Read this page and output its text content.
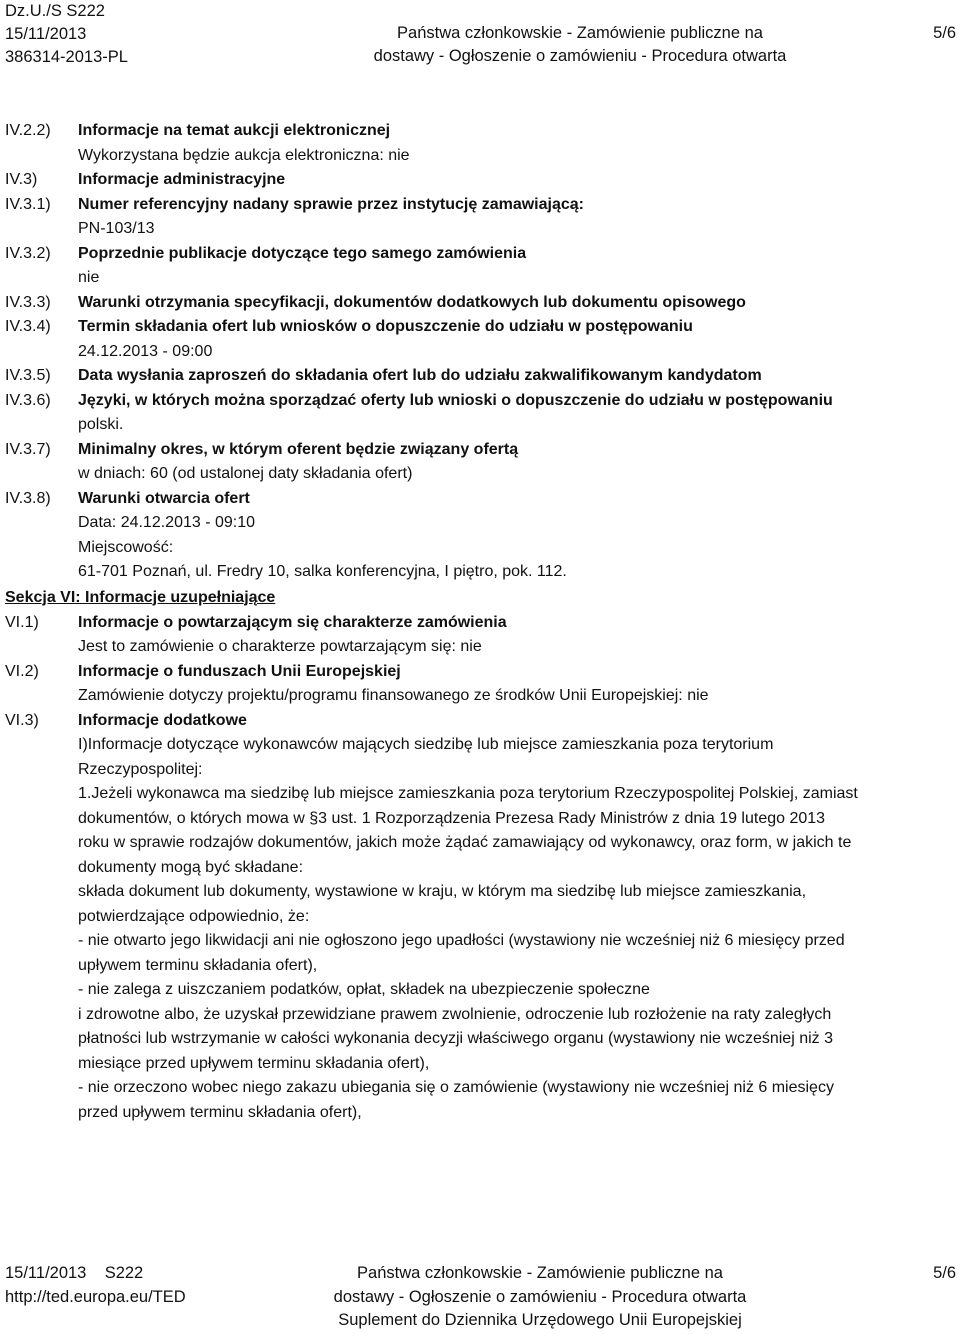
Dz.U./S S222
15/11/2013
386314-2013-PL
Państwa członkowskie - Zamówienie publiczne na
dostawy - Ogłoszenie o zamówieniu - Procedura otwarta
5/6
IV.2.2)	Informacje na temat aukcji elektronicznej
Wykorzystana będzie aukcja elektroniczna: nie
IV.3)	Informacje administracyjne
IV.3.1)	Numer referencyjny nadany sprawie przez instytucję zamawiającą:
PN-103/13
IV.3.2)	Poprzednie publikacje dotyczące tego samego zamówienia
nie
IV.3.3)	Warunki otrzymania specyfikacji, dokumentów dodatkowych lub dokumentu opisowego
IV.3.4)	Termin składania ofert lub wniosków o dopuszczenie do udziału w postępowaniu
24.12.2013 - 09:00
IV.3.5)	Data wysłania zaproszeń do składania ofert lub do udziału zakwalifikowanym kandydatom
IV.3.6)	Języki, w których można sporządzać oferty lub wnioski o dopuszczenie do udziału w postępowaniu
polski.
IV.3.7)	Minimalny okres, w którym oferent będzie związany ofertą
w dniach: 60 (od ustalonej daty składania ofert)
IV.3.8)	Warunki otwarcia ofert
Data: 24.12.2013 - 09:10
Miejscowość:
61-701 Poznań, ul. Fredry 10, salka konferencyjna, I piętro, pok. 112.
Sekcja VI: Informacje uzupełniające
VI.1)	Informacje o powtarzającym się charakterze zamówienia
Jest to zamówienie o charakterze powtarzającym się: nie
VI.2)	Informacje o funduszach Unii Europejskiej
Zamówienie dotyczy projektu/programu finansowanego ze środków Unii Europejskiej: nie
VI.3)	Informacje dodatkowe
I)Informacje dotyczące wykonawców mających siedzibę lub miejsce zamieszkania poza terytorium
Rzeczypospolitej:
1.Jeżeli wykonawca ma siedzibę lub miejsce zamieszkania poza terytorium Rzeczypospolitej Polskiej, zamiast
dokumentów, o których mowa w §3 ust. 1 Rozporządzenia Prezesa Rady Ministrów z dnia 19 lutego 2013
roku w sprawie rodzajów dokumentów, jakich może żądać zamawiający od wykonawcy, oraz form, w jakich te
dokumenty mogą być składane:
składa dokument lub dokumenty, wystawione w kraju, w którym ma siedzibę lub miejsce zamieszkania,
potwierdzające odpowiednio, że:
- nie otwarto jego likwidacji ani nie ogłoszono jego upadłości (wystawiony nie wcześniej niż 6 miesięcy przed
upływem terminu składania ofert),
- nie zalega z uiszczaniem podatków, opłat, składek na ubezpieczenie społeczne
i zdrowotne albo, że uzyskał przewidziane prawem zwolnienie, odroczenie lub rozłożenie na raty zaległych
płatności lub wstrzymanie w całości wykonania decyzji właściwego organu (wystawiony nie wcześniej niż 3
miesiące przed upływem terminu składania ofert),
- nie orzeczono wobec niego zakazu ubiegania się o zamówienie (wystawiony nie wcześniej niż 6 miesięcy
przed upływem terminu składania ofert),
15/11/2013 S222
http://ted.europa.eu/TED
Państwa członkowskie - Zamówienie publiczne na
dostawy - Ogłoszenie o zamówieniu - Procedura otwarta
Suplement do Dziennika Urzędowego Unii Europejskiej
5/6
